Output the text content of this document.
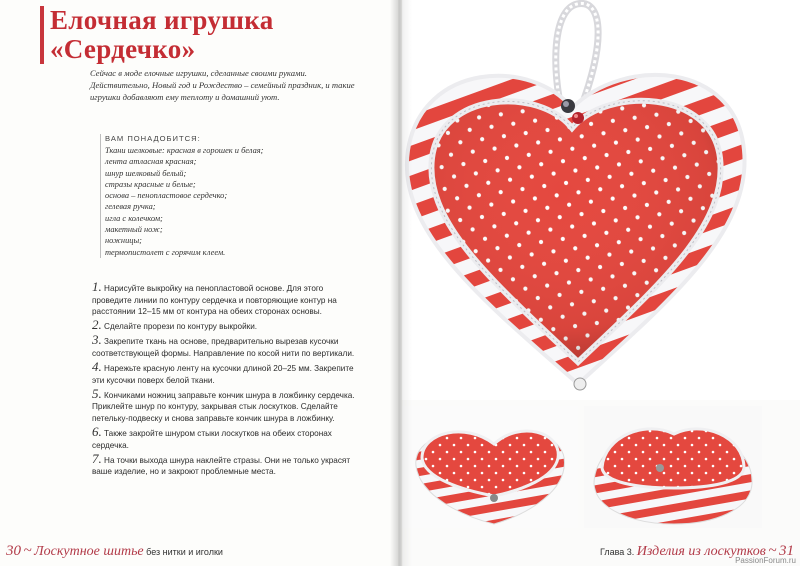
Елочная игрушка
«Сердечко»
Сейчас в моде елочные игрушки, сделанные своими руками. Действительно, Новый год и Рождество – семейный праздник, и такие игрушки добавляют ему теплоту и домашний уют.
ВАМ ПОНАДОБИТСЯ:
Ткани шелковые: красная в горошек и белая;
лента атласная красная;
шнур шелковый белый;
стразы красные и белые;
основа – пенопластовое сердечко;
гелевая ручка;
игла с колечком;
макетный нож;
ножницы;
термопистолет с горячим клеем.
1. Нарисуйте выкройку на пенопластовой основе. Для этого проведите линии по контуру сердечка и повторяющие контур на расстоянии 12–15 мм от контура на обеих сторонах основы.
2. Сделайте прорези по контуру выкройки.
3. Закрепите ткань на основе, предварительно вырезав кусочки соответствующей формы. Направление по косой нити по вертикали.
4. Нарежьте красную ленту на кусочки длиной 20–25 мм. Закрепите эти кусочки поверх белой ткани.
5. Кончиками ножниц заправьте кончик шнура в ложбинку сердечка. Приклейте шнур по контуру, закрывая стык лоскутков. Сделайте петельку-подвеску и снова заправьте кончик шнура в ложбинку.
6. Также закройте шнуром стыки лоскутков на обеих сторонах сердечка.
7. На точки выхода шнура наклейте стразы. Они не только украсят ваше изделие, но и закроют проблемные места.
30 ~ Лоскутное шитье без нитки и иголки	Глава 3. Изделия из лоскутков ~ 31
PassionForum.ru
